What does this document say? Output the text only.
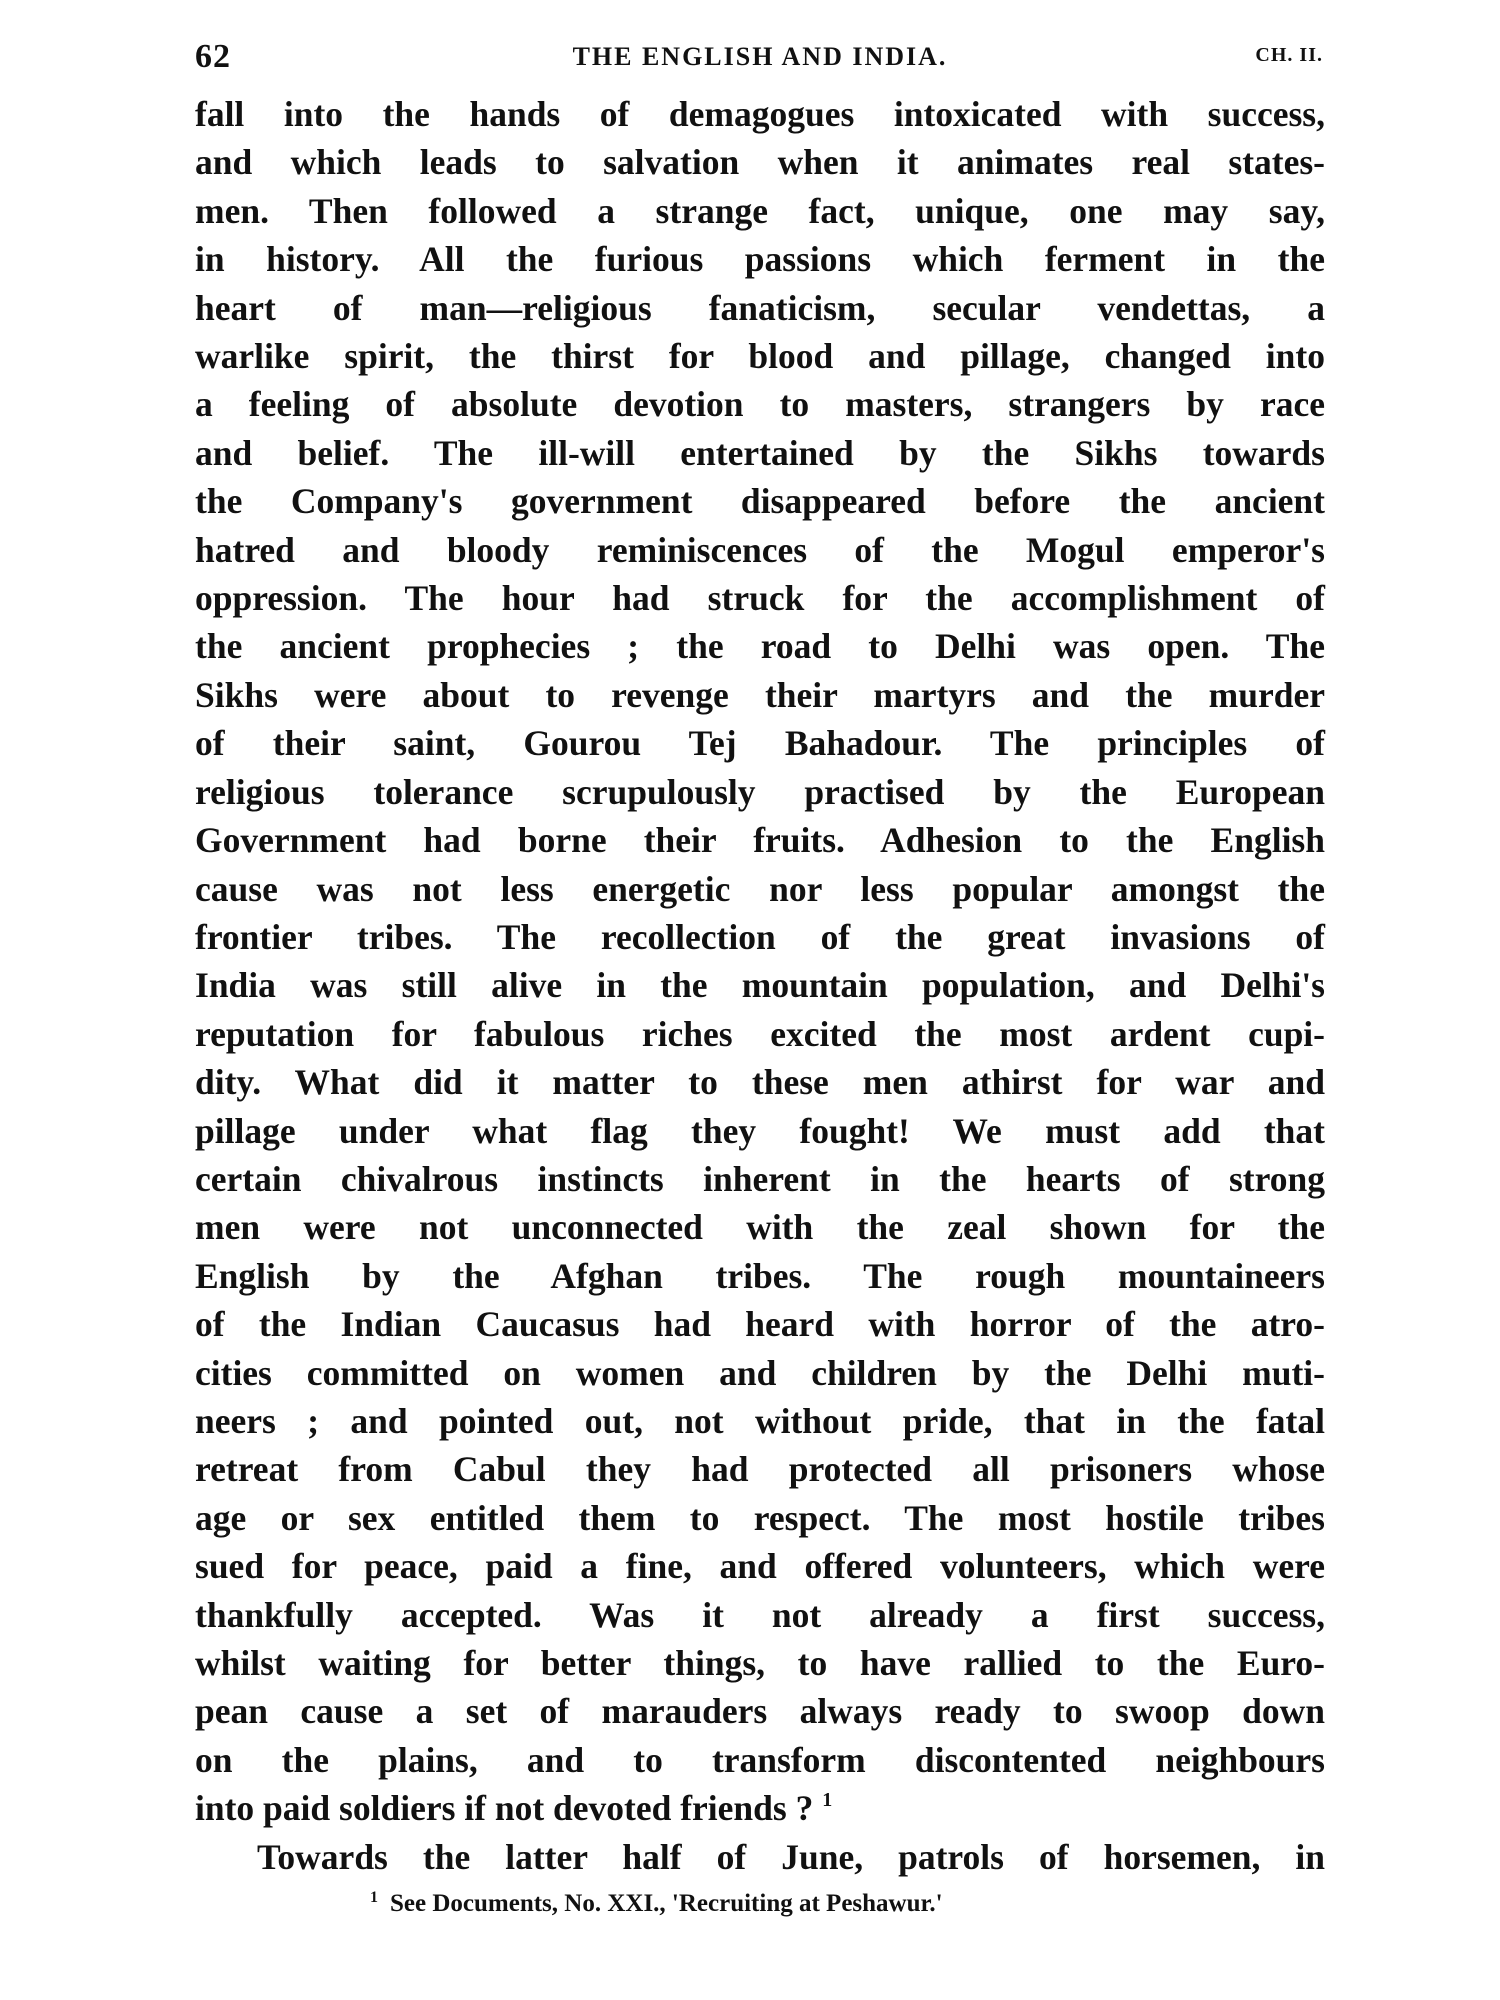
62	THE ENGLISH AND INDIA.	CH. II.
fall into the hands of demagogues intoxicated with success,
and which leads to salvation when it animates real states-
men. Then followed a strange fact, unique, one may say,
in history. All the furious passions which ferment in the
heart of man—religious fanaticism, secular vendettas, a
warlike spirit, the thirst for blood and pillage, changed into
a feeling of absolute devotion to masters, strangers by race
and belief. The ill-will entertained by the Sikhs towards
the Company's government disappeared before the ancient
hatred and bloody reminiscences of the Mogul emperor's
oppression. The hour had struck for the accomplishment of
the ancient prophecies ; the road to Delhi was open. The
Sikhs were about to revenge their martyrs and the murder
of their saint, Gourou Tej Bahadour. The principles of
religious tolerance scrupulously practised by the European
Government had borne their fruits. Adhesion to the English
cause was not less energetic nor less popular amongst the
frontier tribes. The recollection of the great invasions of
India was still alive in the mountain population, and Delhi's
reputation for fabulous riches excited the most ardent cupi-
dity. What did it matter to these men athirst for war and
pillage under what flag they fought! We must add that
certain chivalrous instincts inherent in the hearts of strong
men were not unconnected with the zeal shown for the
English by the Afghan tribes. The rough mountaineers
of the Indian Caucasus had heard with horror of the atro-
cities committed on women and children by the Delhi muti-
neers ; and pointed out, not without pride, that in the fatal
retreat from Cabul they had protected all prisoners whose
age or sex entitled them to respect. The most hostile tribes
sued for peace, paid a fine, and offered volunteers, which were
thankfully accepted. Was it not already a first success,
whilst waiting for better things, to have rallied to the Euro-
pean cause a set of marauders always ready to swoop down
on the plains, and to transform discontented neighbours
into paid soldiers if not devoted friends ? $^1$

Towards the latter half of June, patrols of horsemen, in

$^1$ See Documents, No. XXI., 'Recruiting at Peshawur.'
